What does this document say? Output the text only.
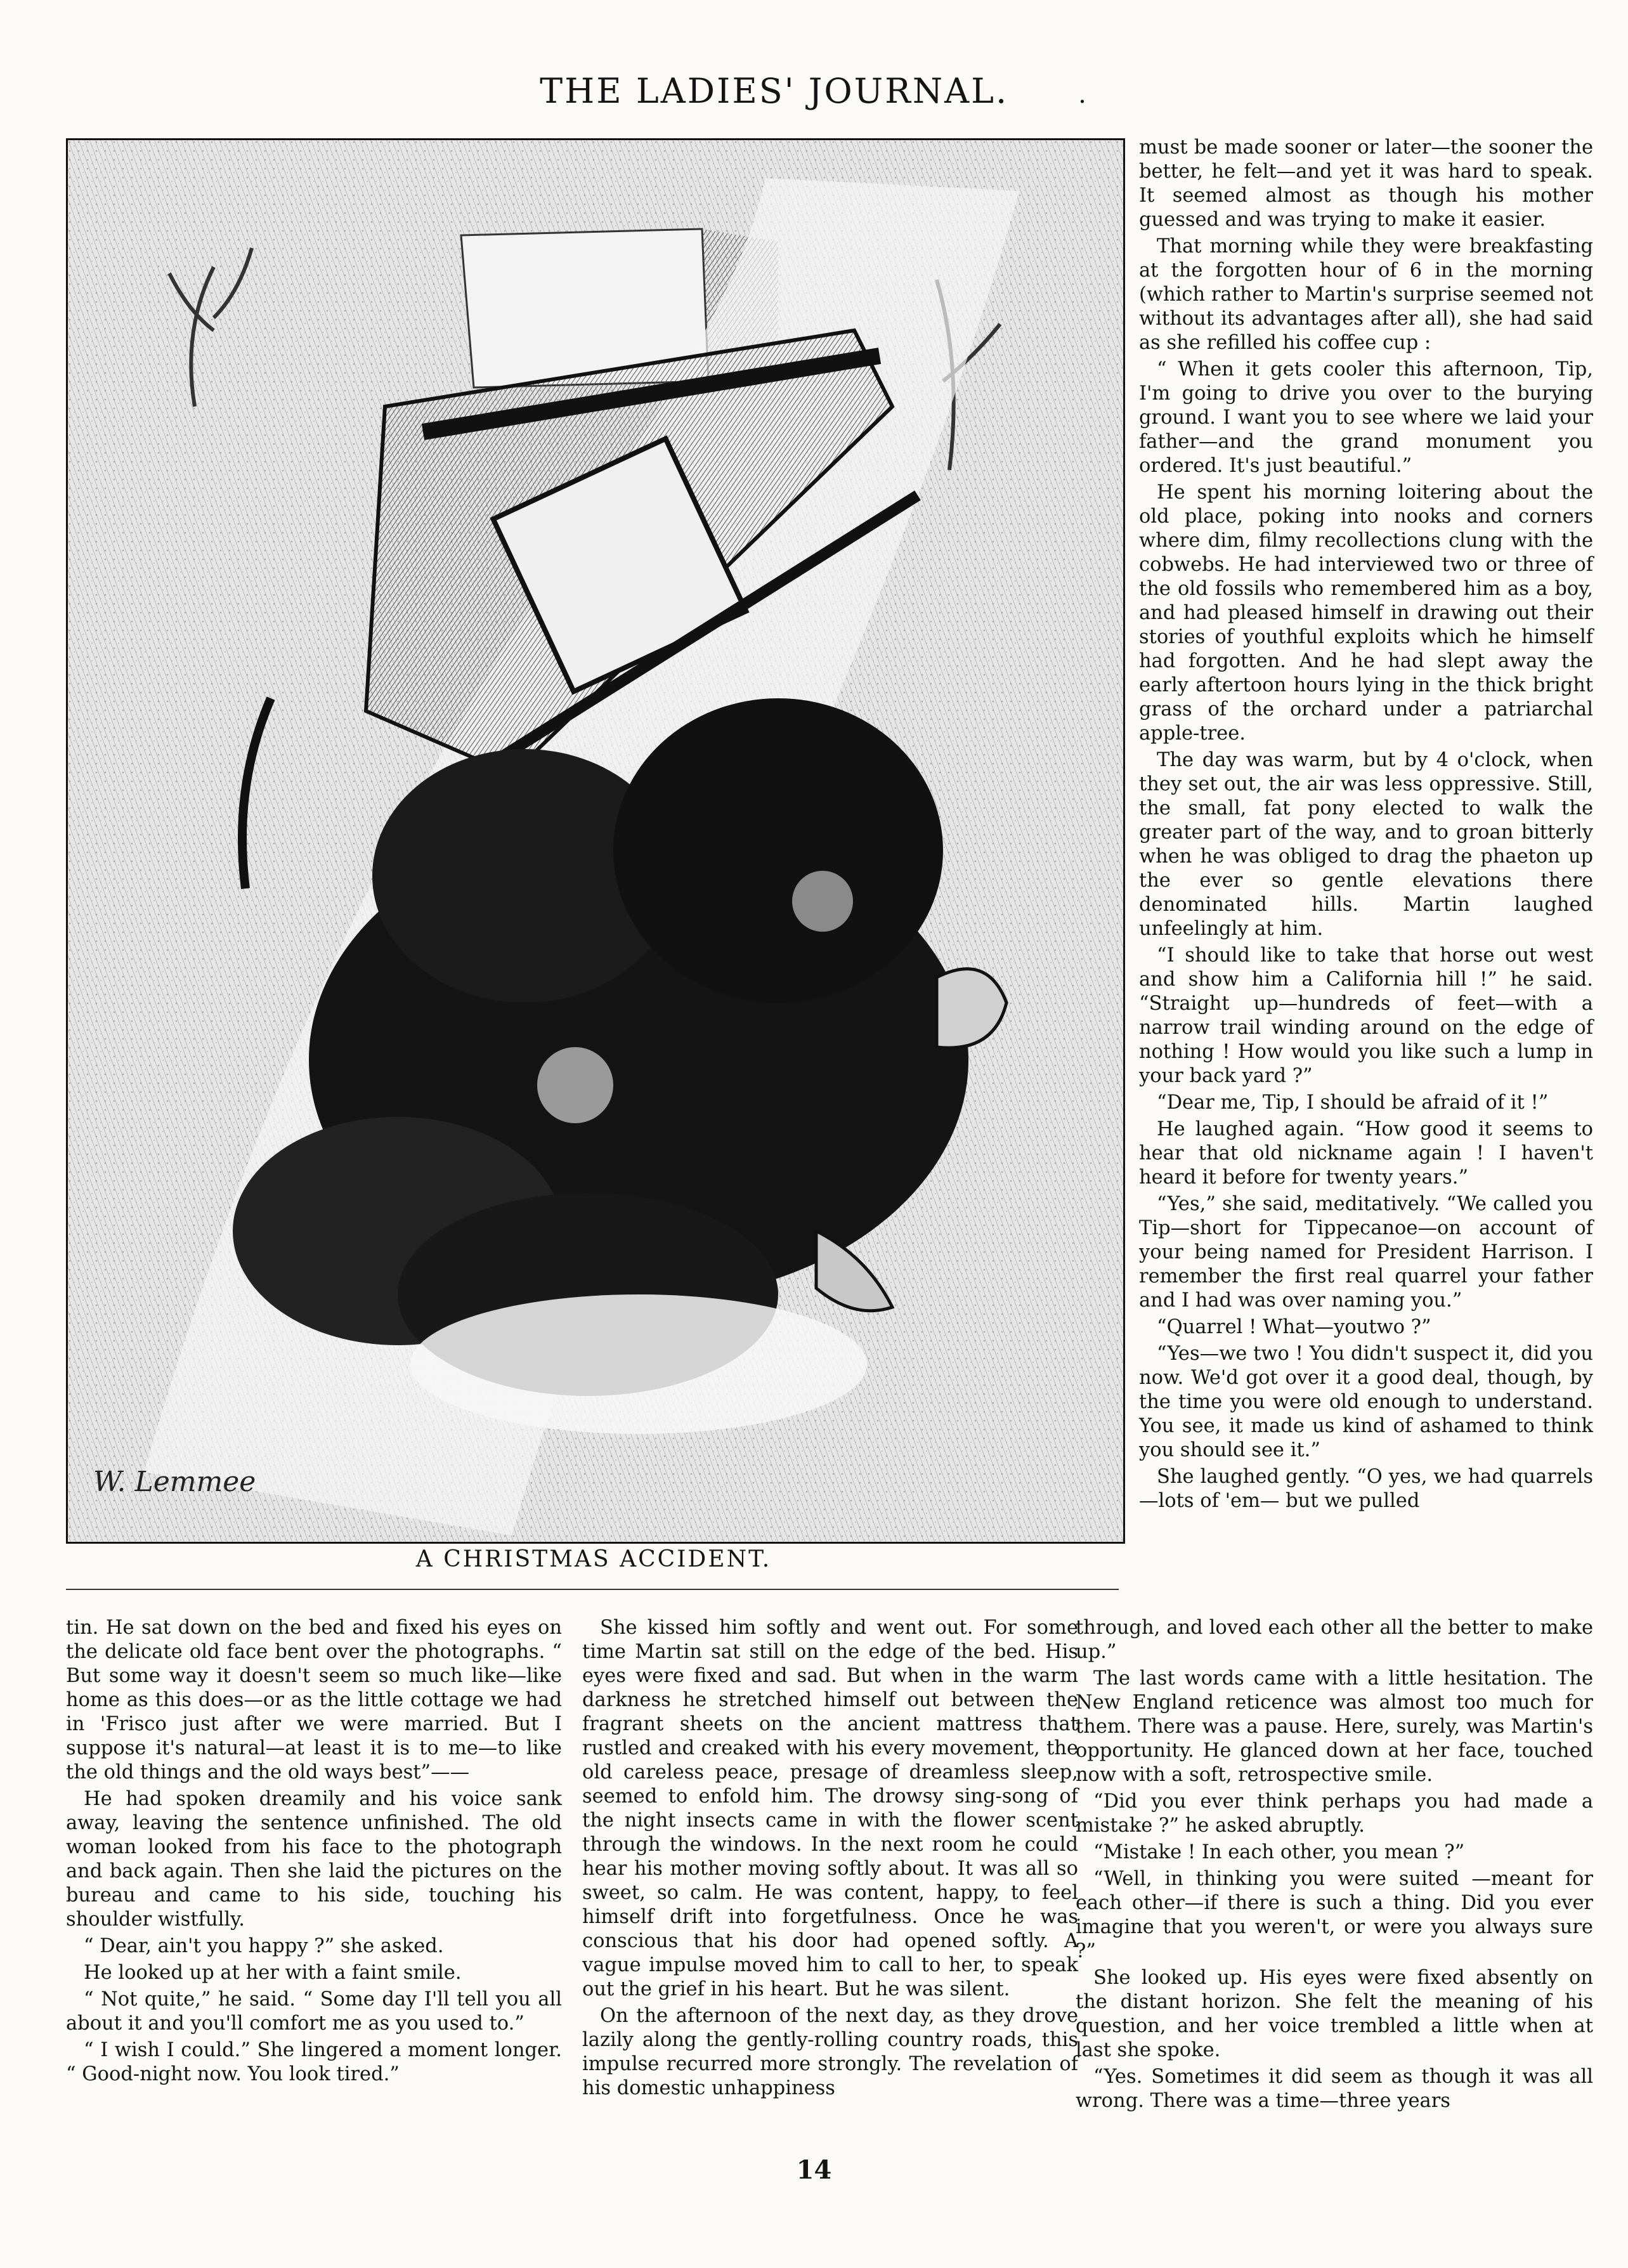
THE LADIES' JOURNAL.	.
W. Lemmee
A CHRISTMAS ACCIDENT.

must be made sooner or later—the sooner the better, he felt—and yet it was hard to speak. It seemed almost as though his mother guessed and was trying to make it easier.

That morning while they were breakfasting at the forgotten hour of 6 in the morning (which rather to Martin's surprise seemed not without its advantages after all), she had said as she refilled his coffee cup :

“ When it gets cooler this afternoon, Tip, I'm going to drive you over to the burying ground. I want you to see where we laid your father—and the grand monument you ordered. It's just beautiful.”

He spent his morning loitering about the old place, poking into nooks and corners where dim, filmy recollections clung with the cobwebs. He had interviewed two or three of the old fossils who remembered him as a boy, and had pleased himself in drawing out their stories of youthful exploits which he himself had forgotten. And he had slept away the early aftertoon hours lying in the thick bright grass of the orchard under a patriarchal apple-tree.

The day was warm, but by 4 o'clock, when they set out, the air was less oppressive. Still, the small, fat pony elected to walk the greater part of the way, and to groan bitterly when he was obliged to drag the phaeton up the ever so gentle elevations there denominated hills. Martin laughed unfeelingly at him.

“I should like to take that horse out west and show him a California hill !” he said. “Straight up—hundreds of feet—with a narrow trail winding around on the edge of nothing ! How would you like such a lump in your back yard ?”

“Dear me, Tip, I should be afraid of it !”

He laughed again. “How good it seems to hear that old nickname again ! I haven't heard it before for twenty years.”

“Yes,” she said, meditatively. “We called you Tip—short for Tippecanoe—on account of your being named for President Harrison. I remember the first real quarrel your father and I had was over naming you.”

“Quarrel ! What—youtwo ?”

“Yes—we two ! You didn't suspect it, did you now. We'd got over it a good deal, though, by the time you were old enough to understand. You see, it made us kind of ashamed to think you should see it.”

She laughed gently. “O yes, we had quarrels—lots of 'em— but we pulled

tin. He sat down on the bed and fixed his eyes on the delicate old face bent over the photographs. “ But some way it doesn't seem so much like—like home as this does—or as the little cottage we had in 'Frisco just after we were married. But I suppose it's natural—at least it is to me—to like the old things and the old ways best”——

He had spoken dreamily and his voice sank away, leaving the sentence unfinished. The old woman looked from his face to the photograph and back again. Then she laid the pictures on the bureau and came to his side, touching his shoulder wistfully.

“ Dear, ain't you happy ?” she asked.

He looked up at her with a faint smile.

“ Not quite,” he said. “ Some day I'll tell you all about it and you'll comfort me as you used to.”

“ I wish I could.” She lingered a moment longer. “ Good-night now. You look tired.”

She kissed him softly and went out. For some time Martin sat still on the edge of the bed. His eyes were fixed and sad. But when in the warm darkness he stretched himself out between the fragrant sheets on the ancient mattress that rustled and creaked with his every movement, the old careless peace, presage of dreamless sleep, seemed to enfold him. The drowsy sing-song of the night insects came in with the flower scent through the windows. In the next room he could hear his mother moving softly about. It was all so sweet, so calm. He was content, happy, to feel himself drift into forgetfulness. Once he was conscious that his door had opened softly. A vague impulse moved him to call to her, to speak out the grief in his heart. But he was silent.

On the afternoon of the next day, as they drove lazily along the gently-rolling country roads, this impulse recurred more strongly. The revelation of his domestic unhappiness

through, and loved each other all the better to make up.”

The last words came with a little hesitation. The New England reticence was almost too much for them. There was a pause. Here, surely, was Martin's opportunity. He glanced down at her face, touched now with a soft, retrospective smile.

“Did you ever think perhaps you had made a mistake ?” he asked abruptly.

“Mistake ! In each other, you mean ?”

“Well, in thinking you were suited —meant for each other—if there is such a thing. Did you ever imagine that you weren't, or were you always sure ?”

She looked up. His eyes were fixed absently on the distant horizon. She felt the meaning of his question, and her voice trembled a little when at last she spoke.

“Yes. Sometimes it did seem as though it was all wrong. There was a time—three years

14
